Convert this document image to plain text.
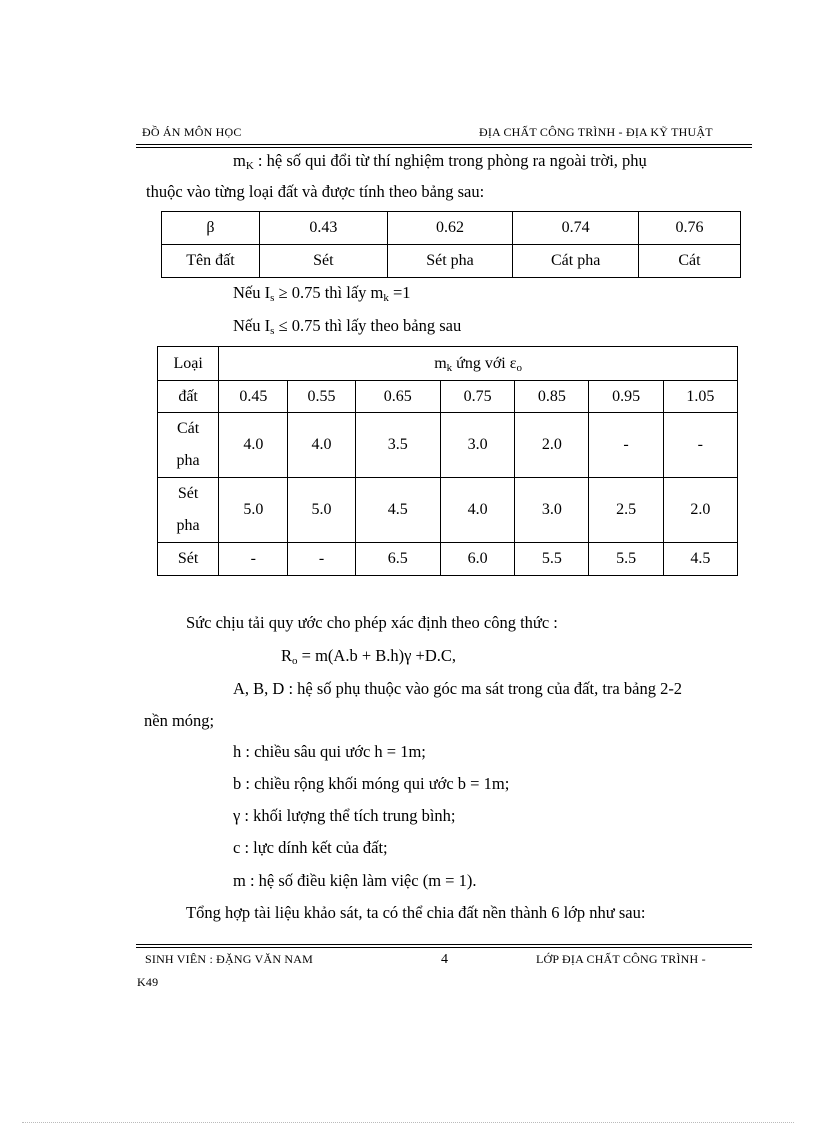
ĐỒ ÁN MÔN HỌC	ĐỊA CHẤT CÔNG TRÌNH - ĐỊA KỸ THUẬT
$m_K$ : hệ số qui đổi từ thí nghiệm trong phòng ra ngoài trời, phụ
thuộc vào từng loại đất và được tính theo bảng sau:
β	0.43	0.62	0.74	0.76
Tên đất	Sét	Sét pha	Cát pha	Cát
Nếu $I_s \ge 0.75$ thì lấy $m_k =1$
Nếu $I_s \le 0.75$ thì lấy theo bảng sau
Loại	$m_k$ ứng với $\varepsilon_o$
đất	0.45	0.55	0.65	0.75	0.85	0.95	1.05
Cát
pha	4.0	4.0	3.5	3.0	2.0	-	-
Sét
pha	5.0	5.0	4.5	4.0	3.0	2.5	2.0
Sét	-	-	6.5	6.0	5.5	5.5	4.5
Sức chịu tải quy ước cho phép xác định theo công thức :
$R_o = m(A.b + B.h)\gamma +D.C$,
A, B, D : hệ số phụ thuộc vào góc ma sát trong của đất, tra bảng 2-2
nền móng;
h : chiều sâu qui ước h = 1m;
b : chiều rộng khối móng qui ước b = 1m;
γ : khối lượng thể tích trung bình;
c : lực dính kết của đất;
m : hệ số điều kiện làm việc (m = 1).
Tổng hợp tài liệu khảo sát, ta có thể chia đất nền thành 6 lớp như sau:
SINH VIÊN : ĐẶNG VĂN NAM	4	LỚP ĐỊA CHẤT CÔNG TRÌNH -
K49
